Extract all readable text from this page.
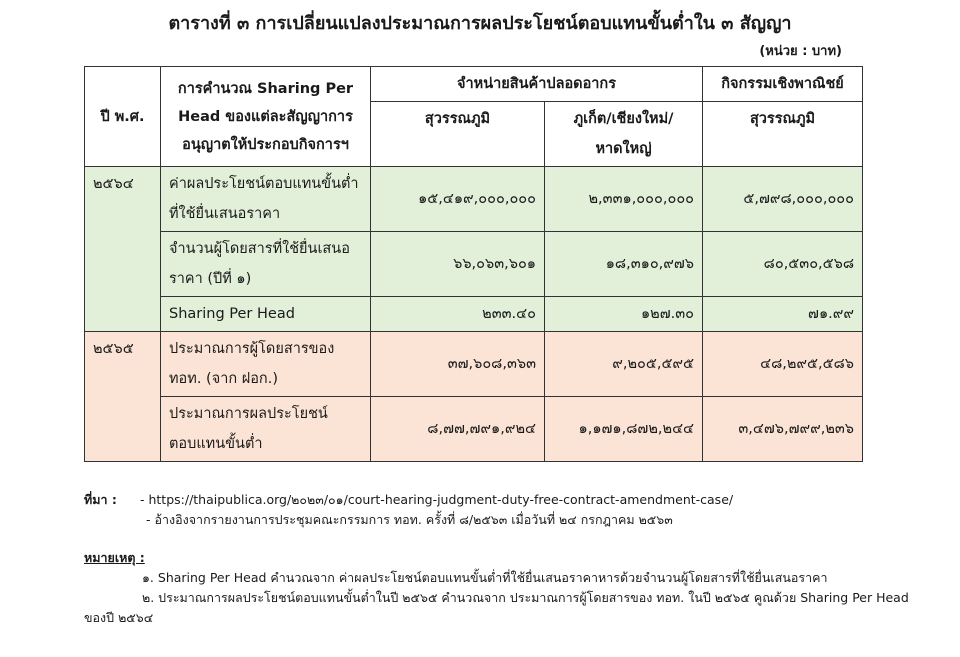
ตารางที่ ๓ การเปลี่ยนแปลงประมาณการผลประโยชน์ตอบแทนขั้นต่ำใน ๓ สัญญา
(หน่วย : บาท)
ปี พ.ศ.	การคำนวณ Sharing Per Head ของแต่ละสัญญาการอนุญาตให้ประกอบกิจการฯ	จำหน่ายสินค้าปลอดอากร		กิจกรรมเชิงพาณิชย์
		สุวรรณภูมิ	ภูเก็ต/เชียงใหม่/หาดใหญ่	สุวรรณภูมิ
๒๕๖๔	ค่าผลประโยชน์ตอบแทนขั้นต่ำที่ใช้ยื่นเสนอราคา	๑๕,๔๑๙,๐๐๐,๐๐๐	๒,๓๓๑,๐๐๐,๐๐๐	๕,๗๙๘,๐๐๐,๐๐๐
	จำนวนผู้โดยสารที่ใช้ยื่นเสนอราคา (ปีที่ ๑)	๖๖,๐๖๓,๖๐๑	๑๘,๓๑๐,๙๗๖	๘๐,๕๓๐,๕๖๘
	Sharing Per Head	๒๓๓.๔๐	๑๒๗.๓๐	๗๑.๙๙
๒๕๖๕	ประมาณการผู้โดยสารของ ทอท. (จาก ฝอก.)	๓๗,๖๐๘,๓๖๓	๙,๒๐๕,๕๙๕	๔๘,๒๙๕,๕๘๖
	ประมาณการผลประโยชน์ตอบแทนขั้นต่ำ	๘,๗๗,๗๙๑,๙๒๔	๑,๑๗๑,๘๗๒,๒๔๔	๓,๔๗๖,๗๙๙,๒๓๖
ที่มา : - https://thaipublica.org/๒๐๒๓/๐๑/court-hearing-judgment-duty-free-contract-amendment-case/
- อ้างอิงจากรายงานการประชุมคณะกรรมการ ทอท. ครั้งที่ ๘/๒๕๖๓ เมื่อวันที่ ๒๔ กรกฎาคม ๒๕๖๓
หมายเหตุ :
๑. Sharing Per Head คำนวณจาก ค่าผลประโยชน์ตอบแทนขั้นต่ำที่ใช้ยื่นเสนอราคาหารด้วยจำนวนผู้โดยสารที่ใช้ยื่นเสนอราคา
๒. ประมาณการผลประโยชน์ตอบแทนขั้นต่ำในปี ๒๕๖๕ คำนวณจาก ประมาณการผู้โดยสารของ ทอท. ในปี ๒๕๖๕ คูณด้วย Sharing Per Head ของปี ๒๕๖๔
